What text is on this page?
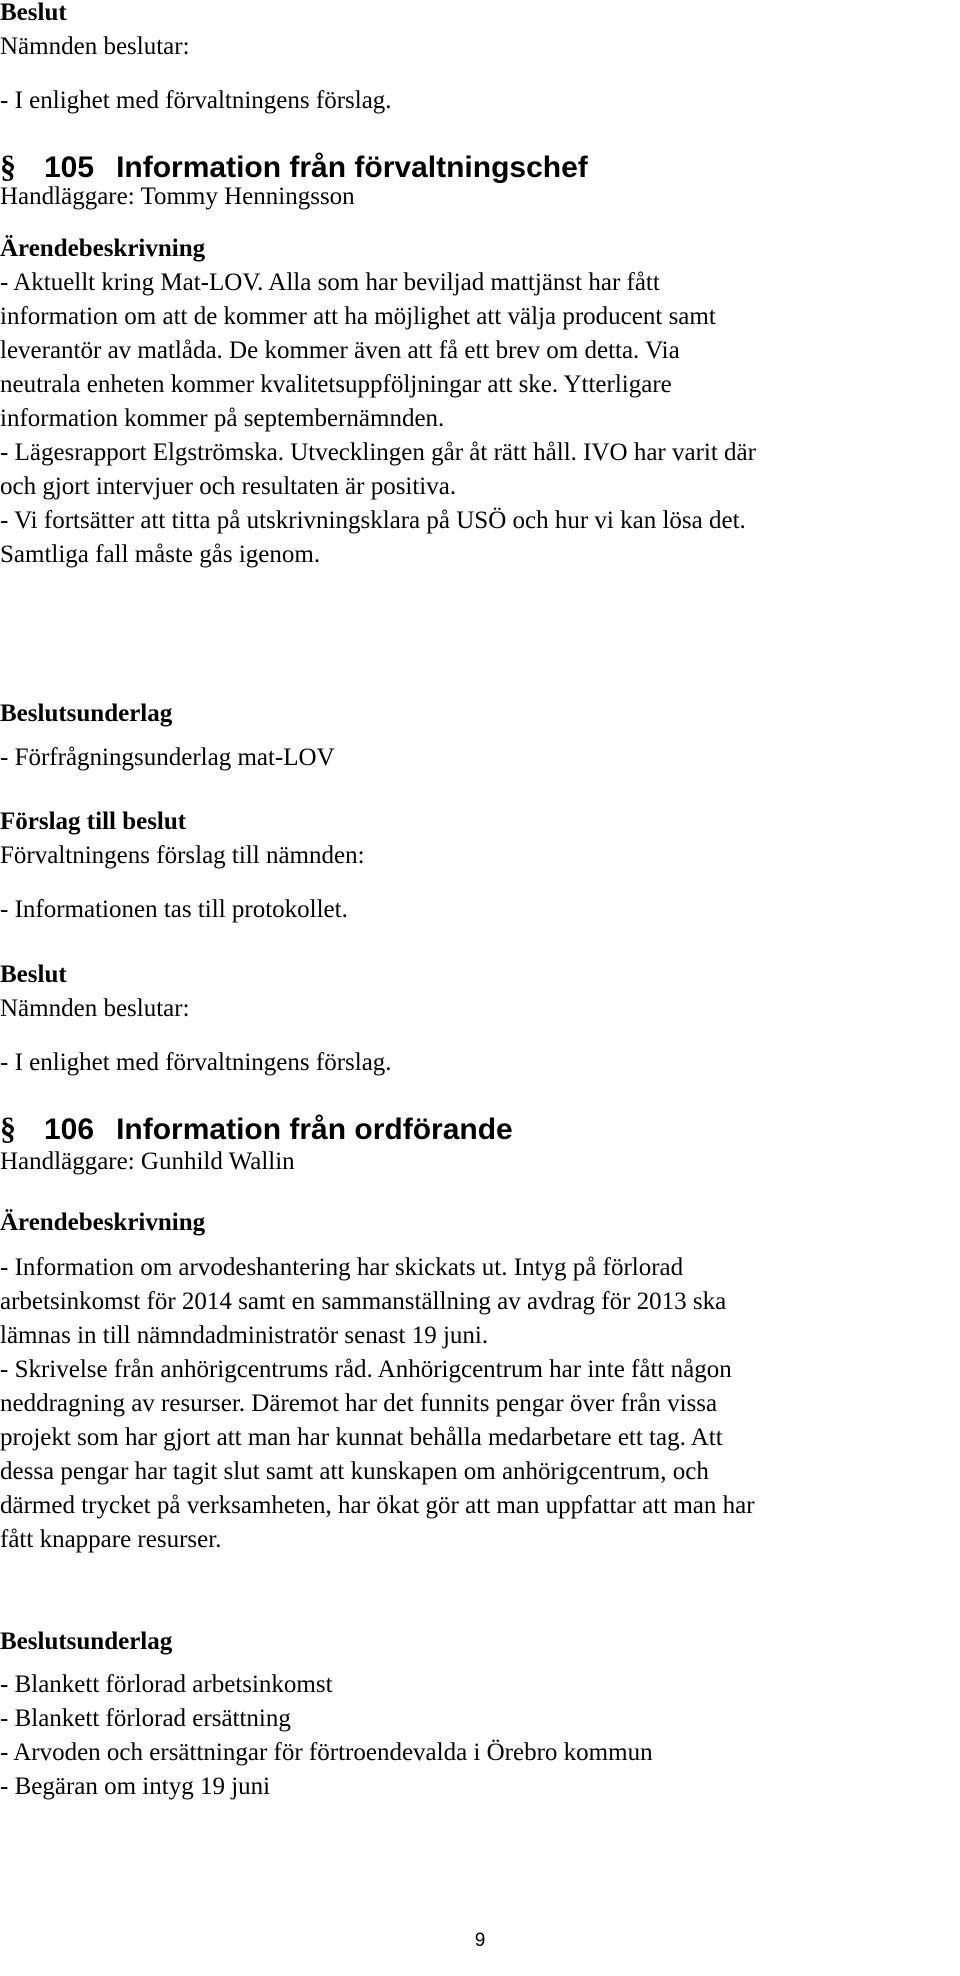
Beslut
Nämnden beslutar:
- I enlighet med förvaltningens förslag.
§ 105 Information från förvaltningschef
Handläggare: Tommy Henningsson
Ärendebeskrivning
- Aktuellt kring Mat-LOV. Alla som har beviljad mattjänst har fått
information om att de kommer att ha möjlighet att välja producent samt
leverantör av matlåda. De kommer även att få ett brev om detta. Via
neutrala enheten kommer kvalitetsuppföljningar att ske. Ytterligare
information kommer på septembernämnden.
- Lägesrapport Elgströmska. Utvecklingen går åt rätt håll. IVO har varit där
och gjort intervjuer och resultaten är positiva.
- Vi fortsätter att titta på utskrivningsklara på USÖ och hur vi kan lösa det.
Samtliga fall måste gås igenom.
Beslutsunderlag
- Förfrågningsunderlag mat-LOV
Förslag till beslut
Förvaltningens förslag till nämnden:
- Informationen tas till protokollet.
Beslut
Nämnden beslutar:
- I enlighet med förvaltningens förslag.
§ 106 Information från ordförande
Handläggare: Gunhild Wallin
Ärendebeskrivning
- Information om arvodeshantering har skickats ut. Intyg på förlorad
arbetsinkomst för 2014 samt en sammanställning av avdrag för 2013 ska
lämnas in till nämndadministratör senast 19 juni.
- Skrivelse från anhörigcentrums råd. Anhörigcentrum har inte fått någon
neddragning av resurser. Däremot har det funnits pengar över från vissa
projekt som har gjort att man har kunnat behålla medarbetare ett tag. Att
dessa pengar har tagit slut samt att kunskapen om anhörigcentrum, och
därmed trycket på verksamheten, har ökat gör att man uppfattar att man har
fått knappare resurser.
Beslutsunderlag
- Blankett förlorad arbetsinkomst
- Blankett förlorad ersättning
- Arvoden och ersättningar för förtroendevalda i Örebro kommun
- Begäran om intyg 19 juni
9
